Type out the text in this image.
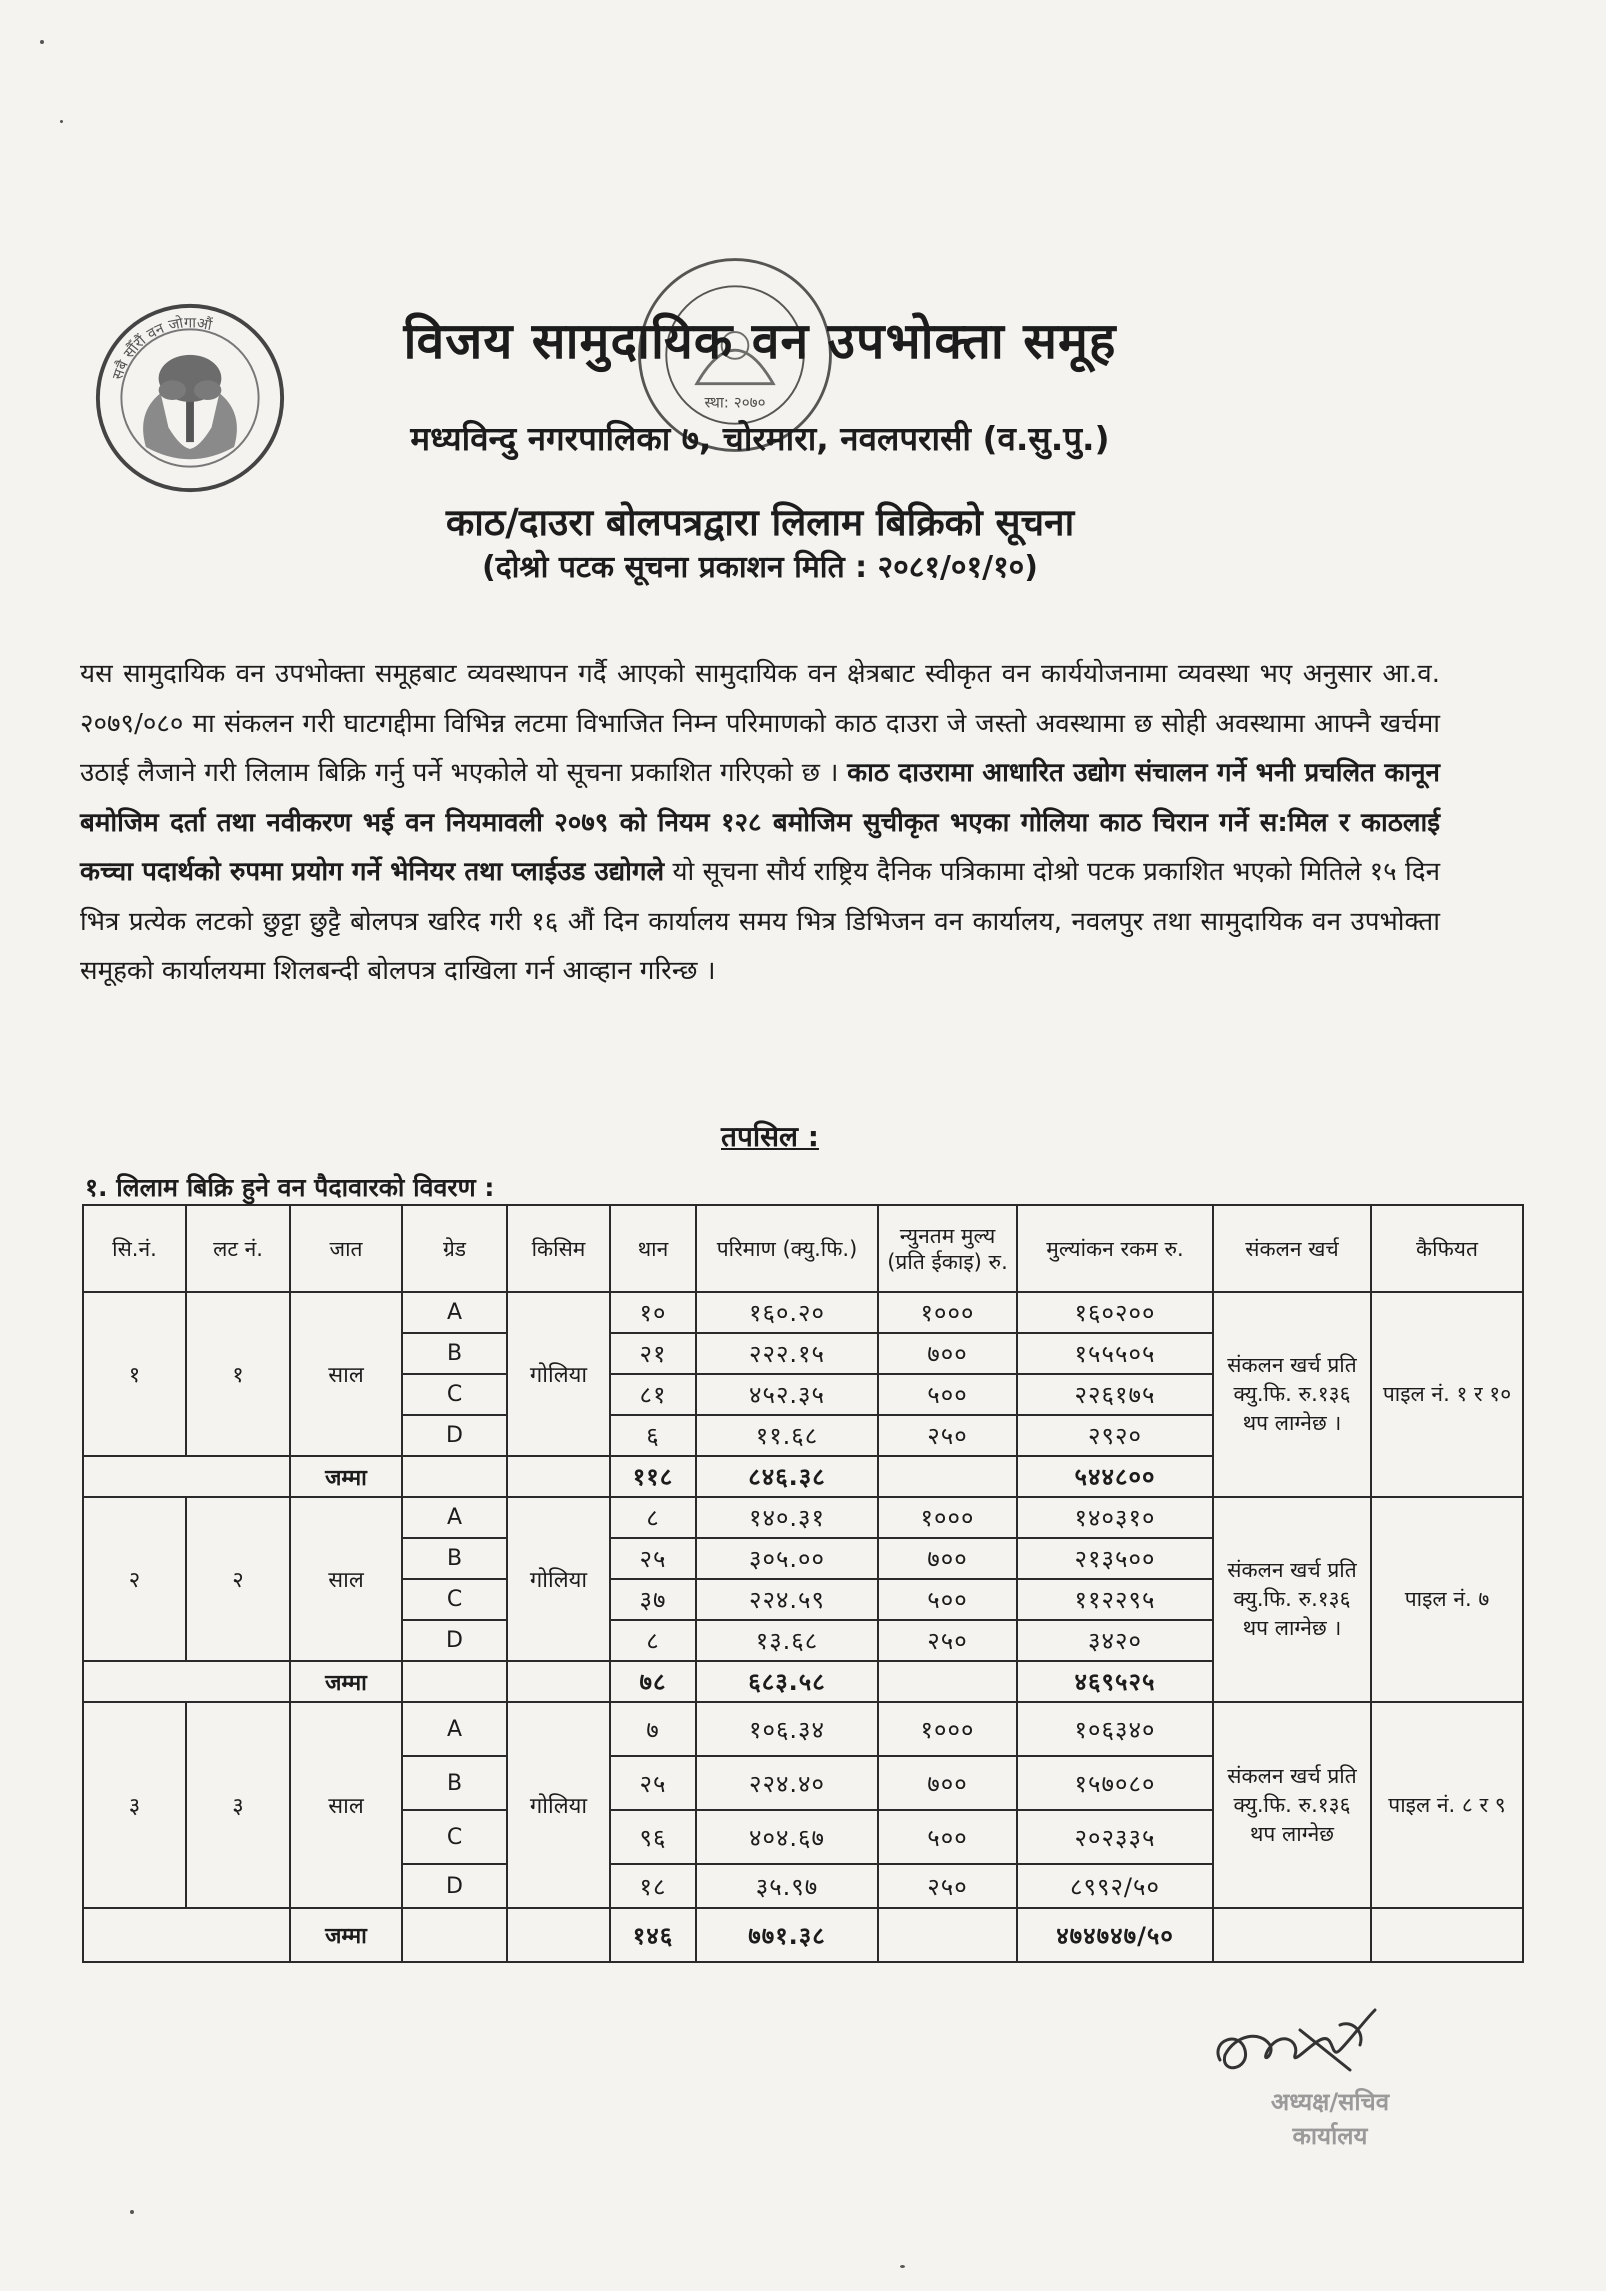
सबै सौँरौं वन जोगाऔं
स्था: २०७०
विजय सामुदायिक वन उपभोक्ता समूह
मध्यविन्दु नगरपालिका ७, चोरमारा, नवलपरासी (व.सु.पु.)
काठ/दाउरा बोलपत्रद्वारा लिलाम बिक्रिको सूचना
(दोश्रो पटक सूचना प्रकाशन मिति : २०८१/०१/१०)
यस सामुदायिक वन उपभोक्ता समूहबाट व्यवस्थापन गर्दै आएको सामुदायिक वन क्षेत्रबाट स्वीकृत वन कार्ययोजनामा व्यवस्था भए अनुसार आ.व. २०७९/०८० मा संकलन गरी घाटगद्दीमा विभिन्न लटमा विभाजित निम्न परिमाणको काठ दाउरा जे जस्तो अवस्थामा छ सोही अवस्थामा आफ्नै खर्चमा उठाई लैजाने गरी लिलाम बिक्रि गर्नु पर्ने भएकोले यो सूचना प्रकाशित गरिएको छ । काठ दाउरामा आधारित उद्योग संचालन गर्ने भनी प्रचलित कानून बमोजिम दर्ता तथा नवीकरण भई वन नियमावली २०७९ को नियम १२८ बमोजिम सुचीकृत भएका गोलिया काठ चिरान गर्ने स:मिल र काठलाई कच्चा पदार्थको रुपमा प्रयोग गर्ने भेनियर तथा प्लाईउड उद्योगले यो सूचना सौर्य राष्ट्रिय दैनिक पत्रिकामा दोश्रो पटक प्रकाशित भएको मितिले १५ दिन भित्र प्रत्येक लटको छुट्टा छुट्टै बोलपत्र खरिद गरी १६ औं दिन कार्यालय समय भित्र डिभिजन वन कार्यालय, नवलपुर तथा सामुदायिक वन उपभोक्ता समूहको कार्यालयमा शिलबन्दी बोलपत्र दाखिला गर्न आव्हान गरिन्छ ।
तपसिल :
१. लिलाम बिक्रि हुने वन पैदावारको विवरण :
सि.नं.	लट नं.	जात	ग्रेड	किसिम	थान	परिमाण (क्यु.फि.)	न्युनतम मुल्य (प्रति ईकाइ) रु.	मुल्यांकन रकम रु.	संकलन खर्च	कैफियत
१	१	साल	A	गोलिया	१०	१६०.२०	१०००	१६०२००	संकलन खर्च प्रति क्यु.फि. रु.१३६ थप लाग्नेछ ।	पाइल नं. १ र १०
			B		२१	२२२.१५	७००	१५५५०५		
			C		८१	४५२.३५	५००	२२६१७५		
			D		६	११.६८	२५०	२९२०		
		जम्मा			११८	८४६.३८		५४४८००		
२	२	साल	A	गोलिया	८	१४०.३१	१०००	१४०३१०	संकलन खर्च प्रति क्यु.फि. रु.१३६ थप लाग्नेछ ।	पाइल नं. ७
			B		२५	३०५.००	७००	२१३५००		
			C		३७	२२४.५९	५००	११२२९५		
			D		८	१३.६८	२५०	३४२०		
		जम्मा			७८	६८३.५८		४६९५२५		
३	३	साल	A	गोलिया	७	१०६.३४	१०००	१०६३४०	संकलन खर्च प्रति क्यु.फि. रु.१३६ थप लाग्नेछ	पाइल नं. ८ र ९
			B		२५	२२४.४०	७००	१५७०८०		
			C		९६	४०४.६७	५००	२०२३३५		
			D		१८	३५.९७	२५०	८९९२/५०		
		जम्मा			१४६	७७१.३८		४७४७४७/५०		
अध्यक्ष/सचिव
कार्यालय
